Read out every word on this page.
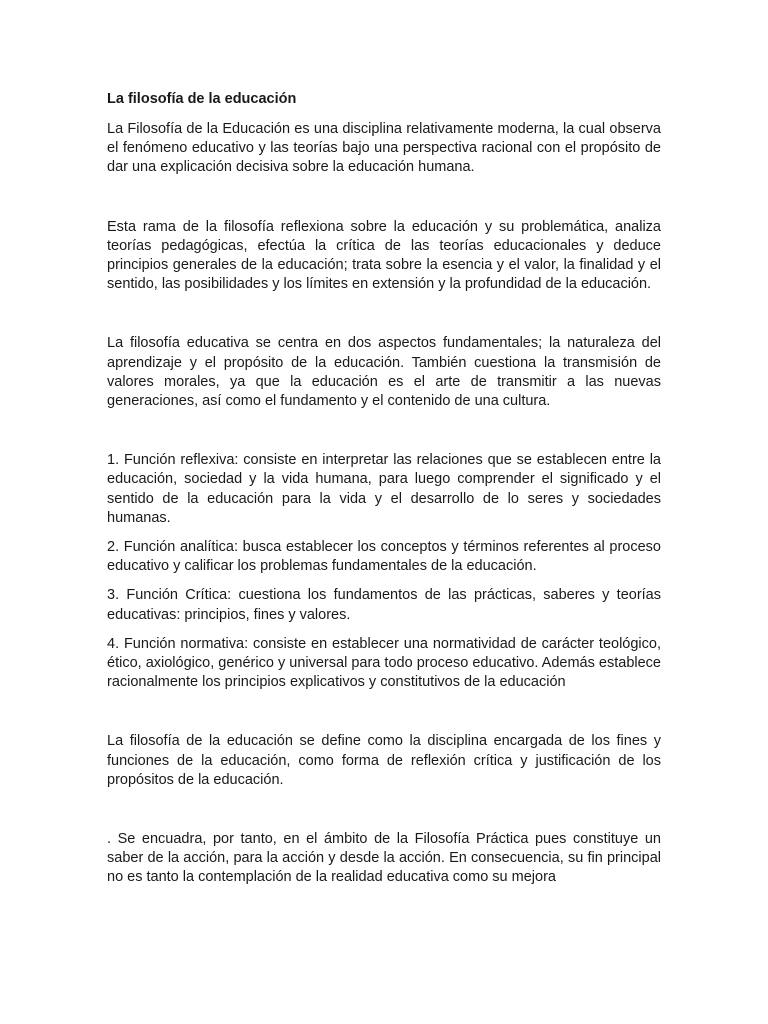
La filosofía de la educación

La Filosofía de la Educación es una disciplina relativamente moderna, la cual observa el fenómeno educativo y las teorías bajo una perspectiva racional con el propósito de dar una explicación decisiva sobre la educación humana.

Esta rama de la filosofía reflexiona sobre la educación y su problemática, analiza teorías pedagógicas, efectúa la crítica de las teorías educacionales y deduce principios generales de la educación; trata sobre la esencia y el valor, la finalidad y el sentido, las posibilidades y los límites en extensión y la profundidad de la educación.

La filosofía educativa se centra en dos aspectos fundamentales; la naturaleza del aprendizaje y el propósito de la educación. También cuestiona la transmisión de valores morales, ya que la educación es el arte de transmitir a las nuevas generaciones, así como el fundamento y el contenido de una cultura.

1. Función reflexiva: consiste en interpretar las relaciones que se establecen entre la educación, sociedad y la vida humana, para luego comprender el significado y el sentido de la educación para la vida y el desarrollo de lo seres y sociedades humanas.

2. Función analítica: busca establecer los conceptos y términos referentes al proceso educativo y calificar los problemas fundamentales de la educación.

3. Función Crítica: cuestiona los fundamentos de las prácticas, saberes y teorías educativas: principios, fines y valores.

4. Función normativa: consiste en establecer una normatividad de carácter teológico, ético, axiológico, genérico y universal para todo proceso educativo. Además establece racionalmente los principios explicativos y constitutivos de la educación

La filosofía de la educación se define como la disciplina encargada de los fines y funciones de la educación, como forma de reflexión crítica y justificación de los propósitos de la educación.

. Se encuadra, por tanto, en el ámbito de la Filosofía Práctica pues constituye un saber de la acción, para la acción y desde la acción. En consecuencia, su fin principal no es tanto la contemplación de la realidad educativa como su mejora
